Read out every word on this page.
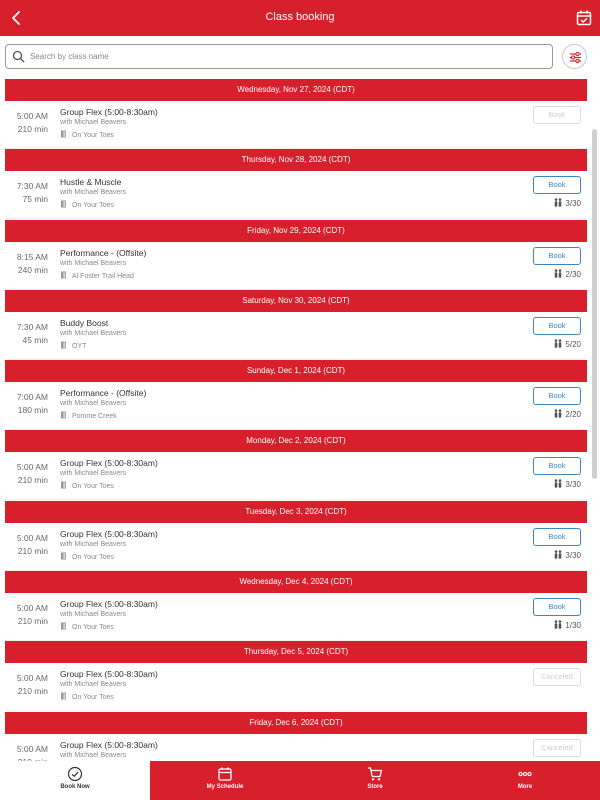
Class booking
Search by class name
Wednesday, Nov 27, 2024 (CDT)
5:00 AM
210 min
Group Flex (5:00-8:30am)
with Michael Beavers
On Your Toes
Book
Thursday, Nov 28, 2024 (CDT)
7:30 AM
75 min
Hustle & Muscle
with Michael Beavers
On Your Toes
Book
3/30
Friday, Nov 29, 2024 (CDT)
8:15 AM
240 min
Performance - (Offsite)
with Michael Beavers
Al Foster Trail Head
Book
2/30
Saturday, Nov 30, 2024 (CDT)
7:30 AM
45 min
Buddy Boost
with Michael Beavers
OYT
Book
5/20
Sunday, Dec 1, 2024 (CDT)
7:00 AM
180 min
Performance - (Offsite)
with Michael Beavers
Pomme Creek
Book
2/20
Monday, Dec 2, 2024 (CDT)
5:00 AM
210 min
Group Flex (5:00-8:30am)
with Michael Beavers
On Your Toes
Book
3/30
Tuesday, Dec 3, 2024 (CDT)
5:00 AM
210 min
Group Flex (5:00-8:30am)
with Michael Beavers
On Your Toes
Book
3/30
Wednesday, Dec 4, 2024 (CDT)
5:00 AM
210 min
Group Flex (5:00-8:30am)
with Michael Beavers
On Your Toes
Book
1/30
Thursday, Dec 5, 2024 (CDT)
5:00 AM
210 min
Group Flex (5:00-8:30am)
with Michael Beavers
On Your Toes
Canceled
Friday, Dec 6, 2024 (CDT)
5:00 AM Group Flex (5:00-8:30am)
with Michael Beavers
Canceled
Book Now	My Schedule	Store	More
